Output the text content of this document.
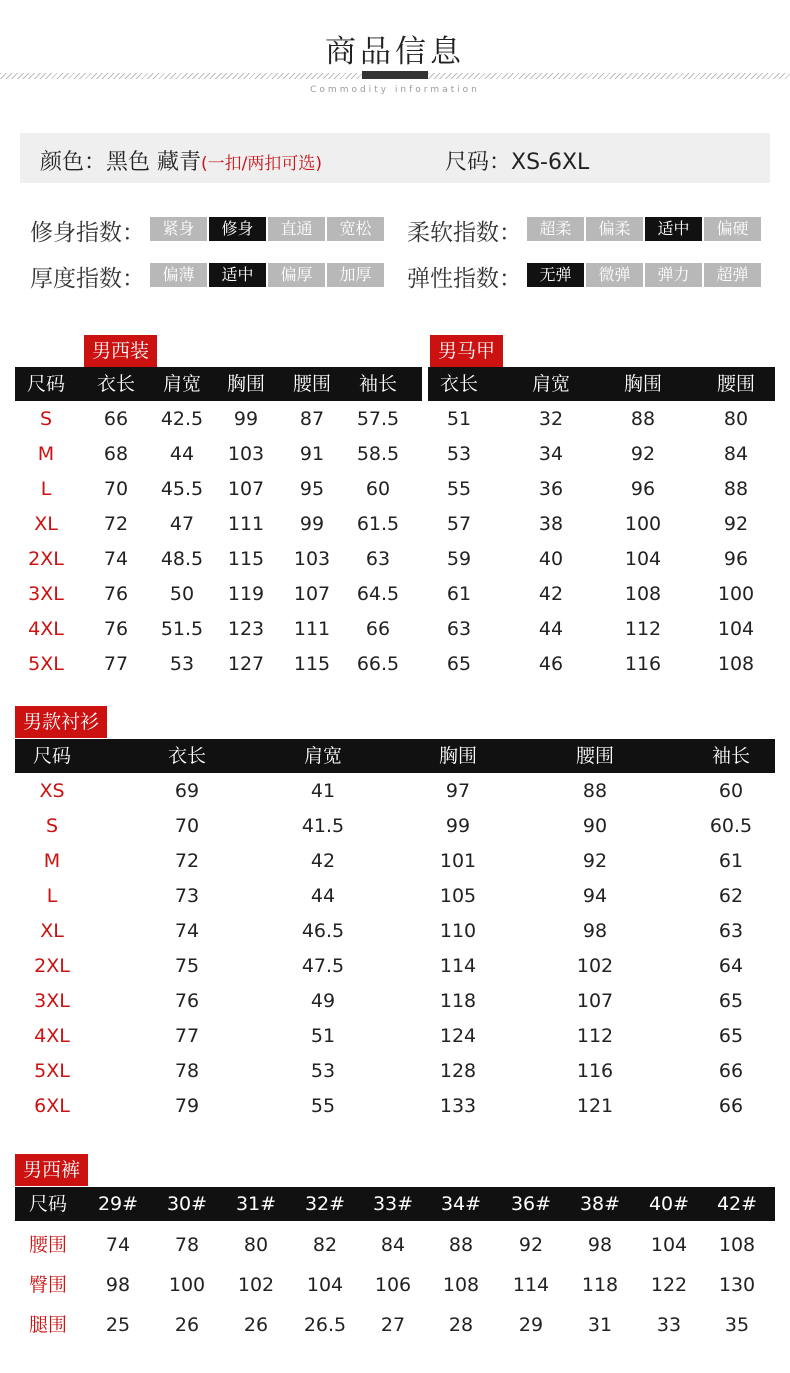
商品信息
Commodity information
颜色：黑色 藏青(一扣/两扣可选)	尺码：XS-6XL
修身指数：	紧身	修身	直通	宽松	柔软指数：	超柔	偏柔	适中	偏硬
厚度指数：	偏薄	适中	偏厚	加厚	弹性指数：	无弹	微弹	弹力	超弹
男西装
尺码	衣长	肩宽	胸围	腰围	袖长
S	66	42.5	99	87	57.5
M	68	44	103	91	58.5
L	70	45.5	107	95	60
XL	72	47	111	99	61.5
2XL	74	48.5	115	103	63
3XL	76	50	119	107	64.5
4XL	76	51.5	123	111	66
5XL	77	53	127	115	66.5
男马甲
衣长	肩宽	胸围	腰围
51	32	88	80
53	34	92	84
55	36	96	88
57	38	100	92
59	40	104	96
61	42	108	100
63	44	112	104
65	46	116	108
男款衬衫
尺码	衣长	肩宽	胸围	腰围	袖长
XS	69	41	97	88	60
S	70	41.5	99	90	60.5
M	72	42	101	92	61
L	73	44	105	94	62
XL	74	46.5	110	98	63
2XL	75	47.5	114	102	64
3XL	76	49	118	107	65
4XL	77	51	124	112	65
5XL	78	53	128	116	66
6XL	79	55	133	121	66
男西裤
尺码	29#	30#	31#	32#	33#	34#	36#	38#	40#	42#
腰围	74	78	80	82	84	88	92	98	104	108
臀围	98	100	102	104	106	108	114	118	122	130
腿围	25	26	26	26.5	27	28	29	31	33	35
